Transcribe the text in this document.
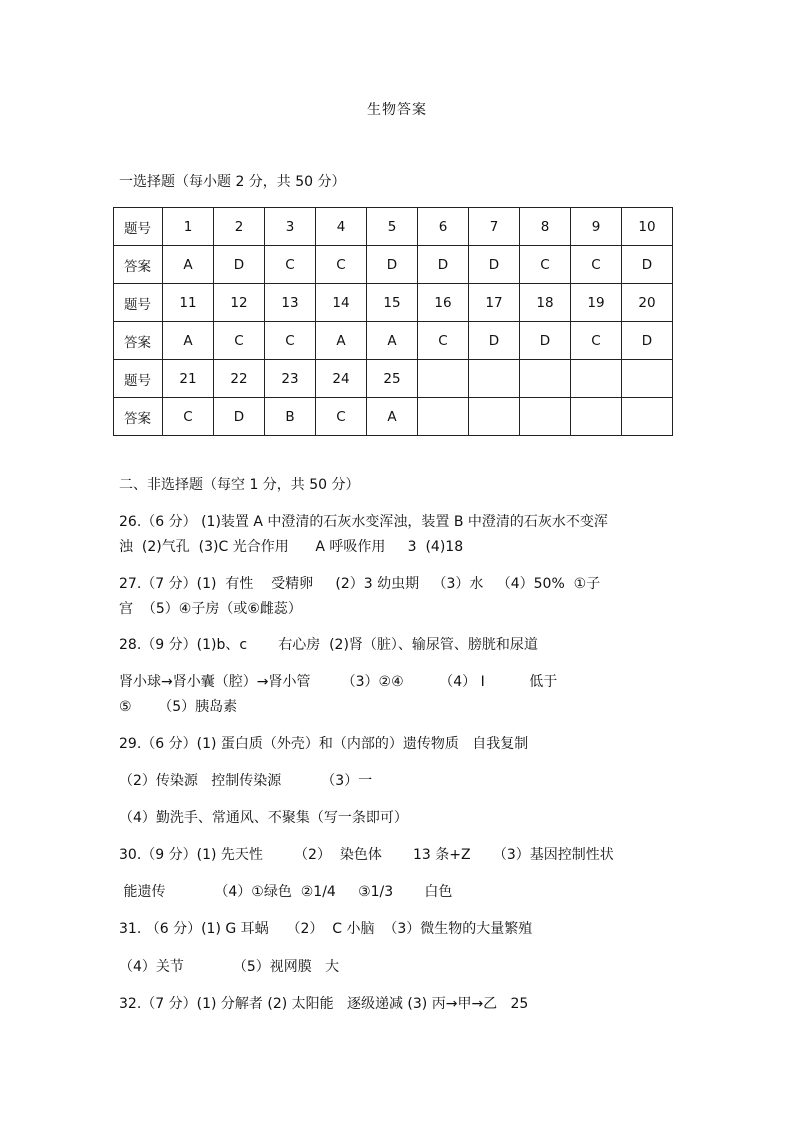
生物答案
一选择题（每小题 2 分，共 50 分）
题号	1	2	3	4	5	6	7	8	9	10
答案	A	D	C	C	D	D	D	C	C	D
题号	11	12	13	14	15	16	17	18	19	20
答案	A	C	C	A	A	C	D	D	C	D
题号	21	22	23	24	25					
答案	C	D	B	C	A					
二、非选择题（每空 1 分，共 50 分）
26.（6 分） (1)装置 A 中澄清的石灰水变浑浊，装置 B 中澄清的石灰水不变浑
浊  (2)气孔  (3)C 光合作用      A 呼吸作用     3  (4)18
27.（7 分）(1)  有性    受精卵     (2）3 幼虫期   （3）水   （4）50%  ①子
宫  （5）④子房（或⑥雌蕊）
28.（9 分）(1)b、c       右心房  (2)肾（脏）、输尿管、膀胱和尿道
肾小球→肾小囊（腔）→肾小管       （3）②④        （4） Ⅰ          低于
⑤      （5）胰岛素
29.（6 分）(1) 蛋白质（外壳）和（内部的）遗传物质   自我复制
（2）传染源   控制传染源         （3）一
（4）勤洗手、常通风、不聚集（写一条即可）
30.（9 分）(1) 先天性       （2）  染色体       13 条+Z     （3）基因控制性状
能遗传           （4）①绿色  ②1/4     ③1/3       白色
31. （6 分）(1) G 耳蜗    （2）  C 小脑  （3）微生物的大量繁殖
（4）关节           （5）视网膜   大
32.（7 分）(1) 分解者 (2) 太阳能   逐级递减 (3) 丙→甲→乙   25
